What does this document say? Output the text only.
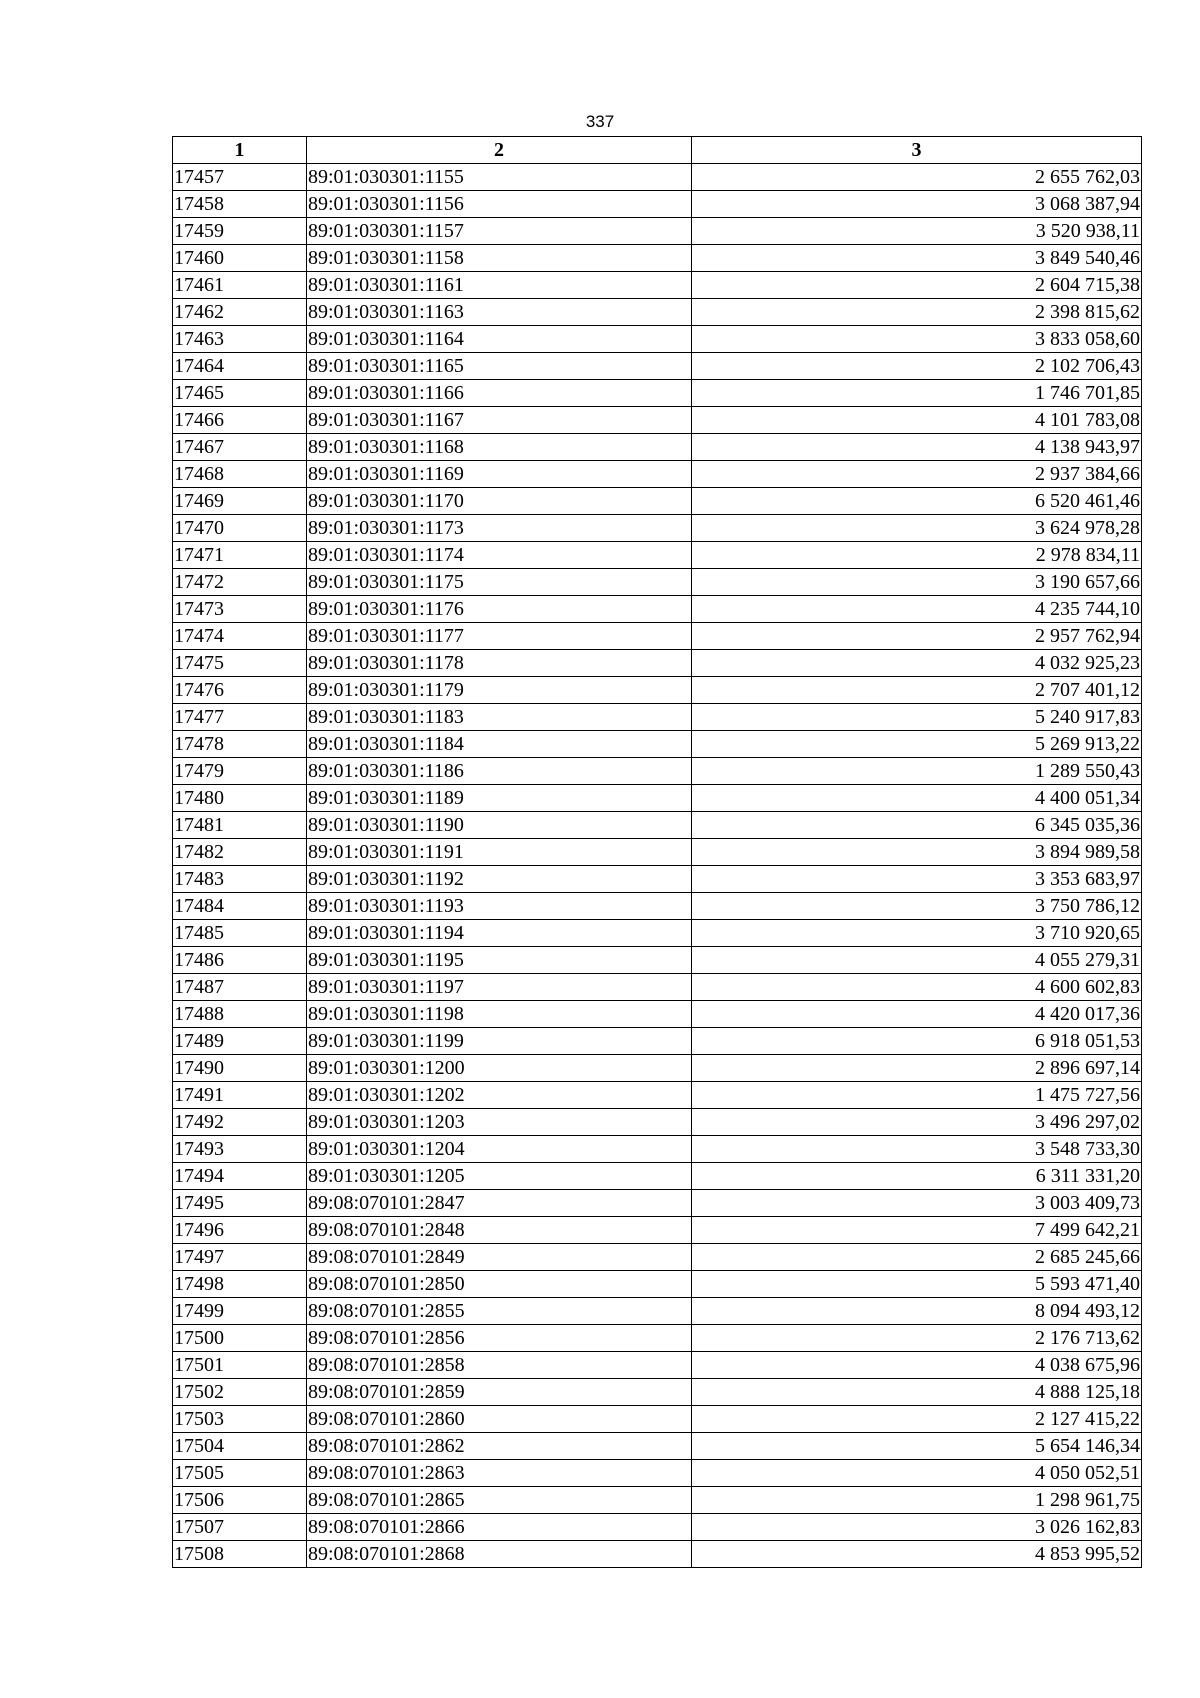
337
1	2	3
17457	89:01:030301:1155	2 655 762,03
17458	89:01:030301:1156	3 068 387,94
17459	89:01:030301:1157	3 520 938,11
17460	89:01:030301:1158	3 849 540,46
17461	89:01:030301:1161	2 604 715,38
17462	89:01:030301:1163	2 398 815,62
17463	89:01:030301:1164	3 833 058,60
17464	89:01:030301:1165	2 102 706,43
17465	89:01:030301:1166	1 746 701,85
17466	89:01:030301:1167	4 101 783,08
17467	89:01:030301:1168	4 138 943,97
17468	89:01:030301:1169	2 937 384,66
17469	89:01:030301:1170	6 520 461,46
17470	89:01:030301:1173	3 624 978,28
17471	89:01:030301:1174	2 978 834,11
17472	89:01:030301:1175	3 190 657,66
17473	89:01:030301:1176	4 235 744,10
17474	89:01:030301:1177	2 957 762,94
17475	89:01:030301:1178	4 032 925,23
17476	89:01:030301:1179	2 707 401,12
17477	89:01:030301:1183	5 240 917,83
17478	89:01:030301:1184	5 269 913,22
17479	89:01:030301:1186	1 289 550,43
17480	89:01:030301:1189	4 400 051,34
17481	89:01:030301:1190	6 345 035,36
17482	89:01:030301:1191	3 894 989,58
17483	89:01:030301:1192	3 353 683,97
17484	89:01:030301:1193	3 750 786,12
17485	89:01:030301:1194	3 710 920,65
17486	89:01:030301:1195	4 055 279,31
17487	89:01:030301:1197	4 600 602,83
17488	89:01:030301:1198	4 420 017,36
17489	89:01:030301:1199	6 918 051,53
17490	89:01:030301:1200	2 896 697,14
17491	89:01:030301:1202	1 475 727,56
17492	89:01:030301:1203	3 496 297,02
17493	89:01:030301:1204	3 548 733,30
17494	89:01:030301:1205	6 311 331,20
17495	89:08:070101:2847	3 003 409,73
17496	89:08:070101:2848	7 499 642,21
17497	89:08:070101:2849	2 685 245,66
17498	89:08:070101:2850	5 593 471,40
17499	89:08:070101:2855	8 094 493,12
17500	89:08:070101:2856	2 176 713,62
17501	89:08:070101:2858	4 038 675,96
17502	89:08:070101:2859	4 888 125,18
17503	89:08:070101:2860	2 127 415,22
17504	89:08:070101:2862	5 654 146,34
17505	89:08:070101:2863	4 050 052,51
17506	89:08:070101:2865	1 298 961,75
17507	89:08:070101:2866	3 026 162,83
17508	89:08:070101:2868	4 853 995,52
